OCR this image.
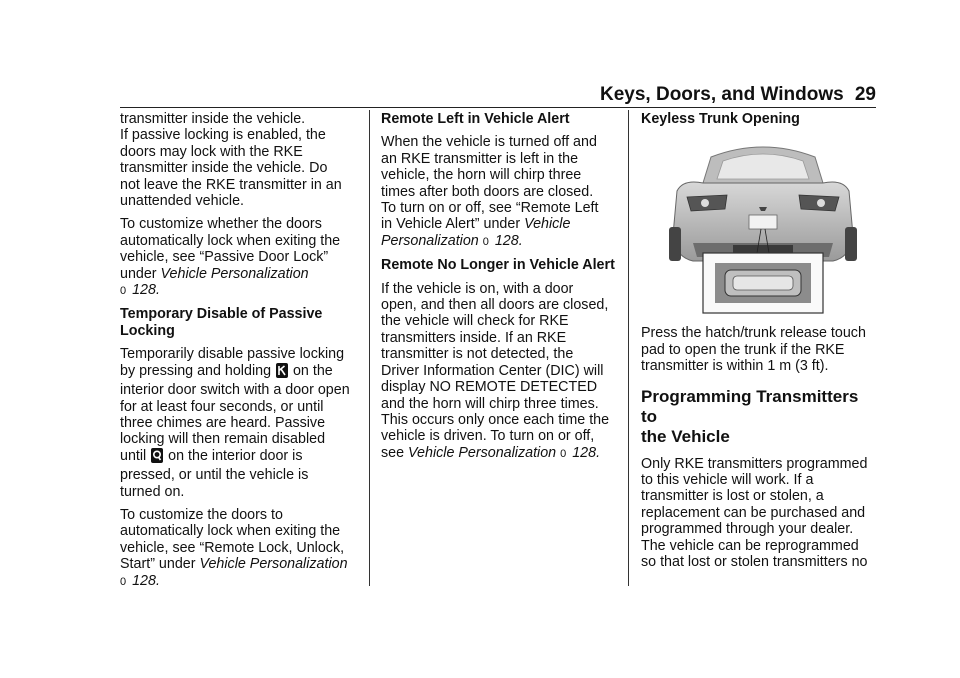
Keys, Doors, and Windows 29

transmitter inside the vehicle.
If passive locking is enabled, the
doors may lock with the RKE
transmitter inside the vehicle. Do
not leave the RKE transmitter in an
unattended vehicle.

To customize whether the doors
automatically lock when exiting the
vehicle, see “Passive Door Lock”
under Vehicle Personalization
0 128.

Temporary Disable of Passive
Locking

Temporarily disable passive locking
by pressing and holding  on the
interior door switch with a door open
for at least four seconds, or until
three chimes are heard. Passive
locking will then remain disabled
until  on the interior door is
pressed, or until the vehicle is
turned on.

To customize the doors to
automatically lock when exiting the
vehicle, see “Remote Lock, Unlock,
Start” under Vehicle Personalization
0 128.

Remote Left in Vehicle Alert

When the vehicle is turned off and
an RKE transmitter is left in the
vehicle, the horn will chirp three
times after both doors are closed.
To turn on or off, see “Remote Left
in Vehicle Alert” under Vehicle
Personalization 0 128.

Remote No Longer in Vehicle Alert

If the vehicle is on, with a door
open, and then all doors are closed,
the vehicle will check for RKE
transmitters inside. If an RKE
transmitter is not detected, the
Driver Information Center (DIC) will
display NO REMOTE DETECTED
and the horn will chirp three times.
This occurs only once each time the
vehicle is driven. To turn on or off,
see Vehicle Personalization 0 128.

Keyless Trunk Opening

Press the hatch/trunk release touch
pad to open the trunk if the RKE
transmitter is within 1 m (3 ft).

Programming Transmitters to
the Vehicle

Only RKE transmitters programmed
to this vehicle will work. If a
transmitter is lost or stolen, a
replacement can be purchased and
programmed through your dealer.
The vehicle can be reprogrammed
so that lost or stolen transmitters no
